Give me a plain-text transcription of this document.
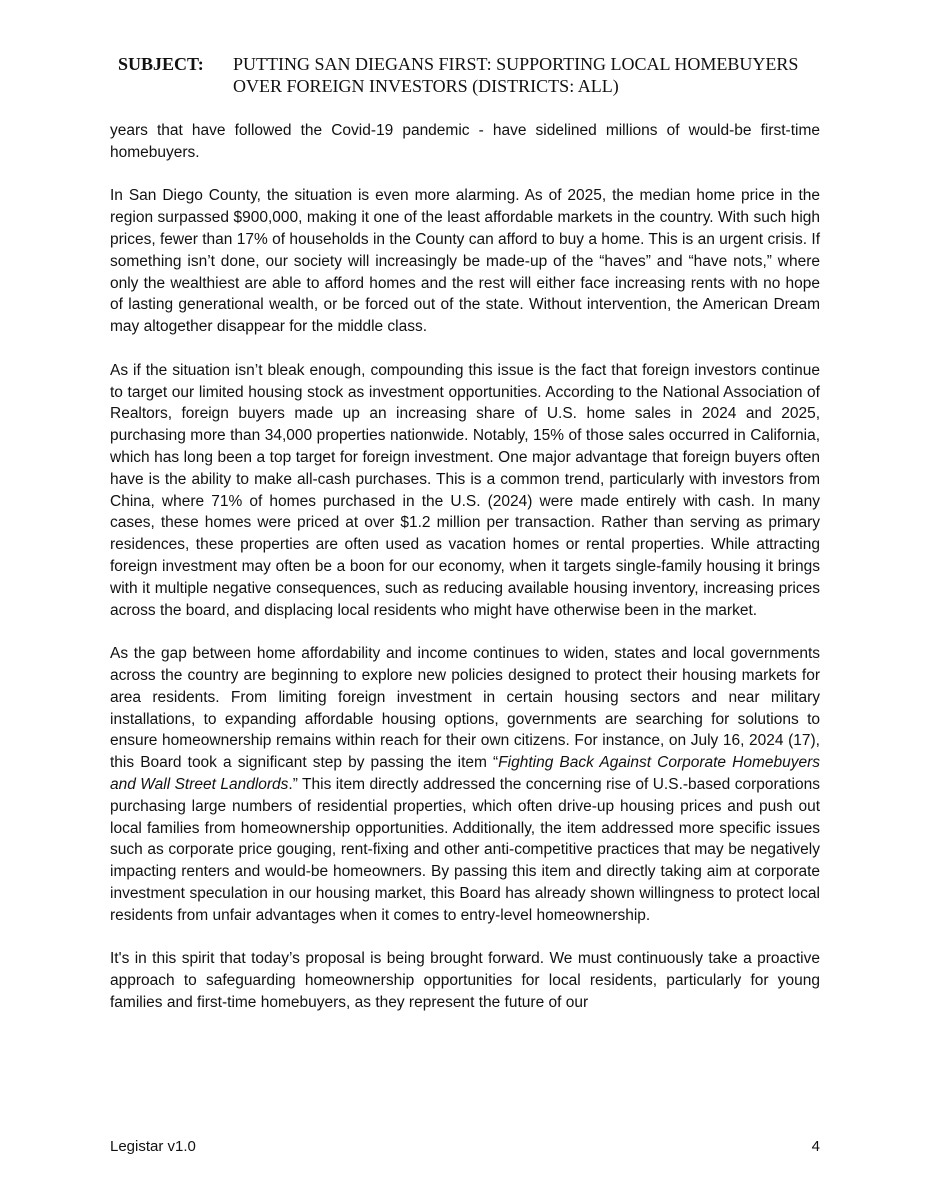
SUBJECT:	PUTTING SAN DIEGANS FIRST: SUPPORTING LOCAL HOMEBUYERS
OVER FOREIGN INVESTORS (DISTRICTS: ALL)

years that have followed the Covid-19 pandemic - have sidelined millions of would-be first-time homebuyers.

In San Diego County, the situation is even more alarming. As of 2025, the median home price in the region surpassed $900,000, making it one of the least affordable markets in the country. With such high prices, fewer than 17% of households in the County can afford to buy a home. This is an urgent crisis. If something isn’t done, our society will increasingly be made-up of the “haves” and “have nots,” where only the wealthiest are able to afford homes and the rest will either face increasing rents with no hope of lasting generational wealth, or be forced out of the state. Without intervention, the American Dream may altogether disappear for the middle class.

As if the situation isn’t bleak enough, compounding this issue is the fact that foreign investors continue to target our limited housing stock as investment opportunities. According to the National Association of Realtors, foreign buyers made up an increasing share of U.S. home sales in 2024 and 2025, purchasing more than 34,000 properties nationwide. Notably, 15% of those sales occurred in California, which has long been a top target for foreign investment. One major advantage that foreign buyers often have is the ability to make all-cash purchases. This is a common trend, particularly with investors from China, where 71% of homes purchased in the U.S. (2024) were made entirely with cash. In many cases, these homes were priced at over $1.2 million per transaction. Rather than serving as primary residences, these properties are often used as vacation homes or rental properties. While attracting foreign investment may often be a boon for our economy, when it targets single-family housing it brings with it multiple negative consequences, such as reducing available housing inventory, increasing prices across the board, and displacing local residents who might have otherwise been in the market.

As the gap between home affordability and income continues to widen, states and local governments across the country are beginning to explore new policies designed to protect their housing markets for area residents. From limiting foreign investment in certain housing sectors and near military installations, to expanding affordable housing options, governments are searching for solutions to ensure homeownership remains within reach for their own citizens. For instance, on July 16, 2024 (17), this Board took a significant step by passing the item “Fighting Back Against Corporate Homebuyers and Wall Street Landlords.” This item directly addressed the concerning rise of U.S.-based corporations purchasing large numbers of residential properties, which often drive-up housing prices and push out local families from homeownership opportunities. Additionally, the item addressed more specific issues such as corporate price gouging, rent-fixing and other anti-competitive practices that may be negatively impacting renters and would-be homeowners. By passing this item and directly taking aim at corporate investment speculation in our housing market, this Board has already shown willingness to protect local residents from unfair advantages when it comes to entry-level homeownership.

It's in this spirit that today’s proposal is being brought forward. We must continuously take a proactive approach to safeguarding homeownership opportunities for local residents, particularly for young families and first-time homebuyers, as they represent the future of our

Legistar v1.0	4
